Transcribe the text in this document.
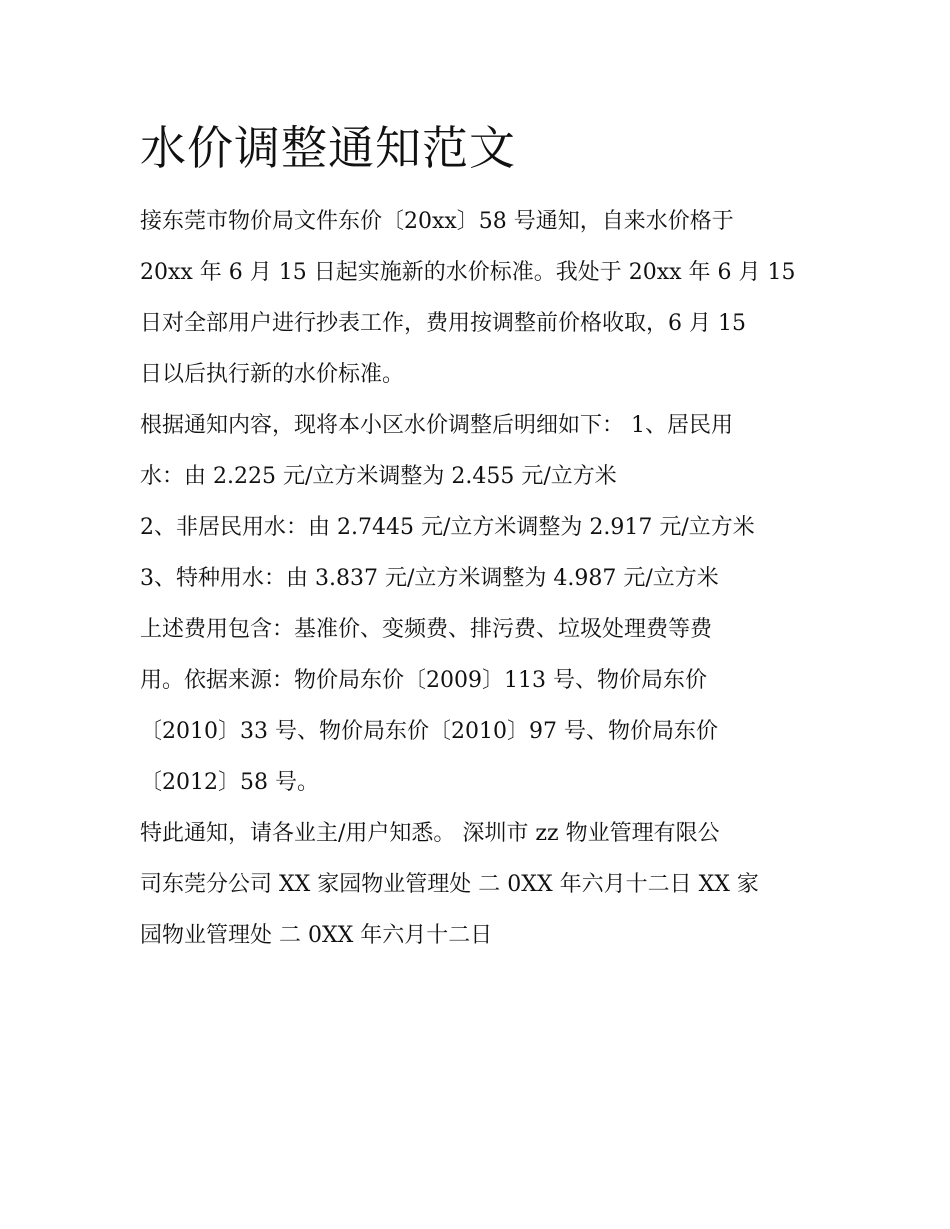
水价调整通知范文
接东莞市物价局文件东价〔20xx〕58 号通知，自来水价格于
20xx 年 6 月 15 日起实施新的水价标准。我处于 20xx 年 6 月 15
日对全部用户进行抄表工作，费用按调整前价格收取，6 月 15
日以后执行新的水价标准。
根据通知内容，现将本小区水价调整后明细如下： 1、居民用
水：由 2.225 元/立方米调整为 2.455 元/立方米
2、非居民用水：由 2.7445 元/立方米调整为 2.917 元/立方米
3、特种用水：由 3.837 元/立方米调整为 4.987 元/立方米
上述费用包含：基准价、变频费、排污费、垃圾处理费等费
用。依据来源：物价局东价〔2009〕113 号、物价局东价
〔2010〕33 号、物价局东价〔2010〕97 号、物价局东价
〔2012〕58 号。
特此通知，请各业主/用户知悉。 深圳市 zz 物业管理有限公
司东莞分公司 XX 家园物业管理处 二 0XX 年六月十二日 XX 家
园物业管理处 二 0XX 年六月十二日
